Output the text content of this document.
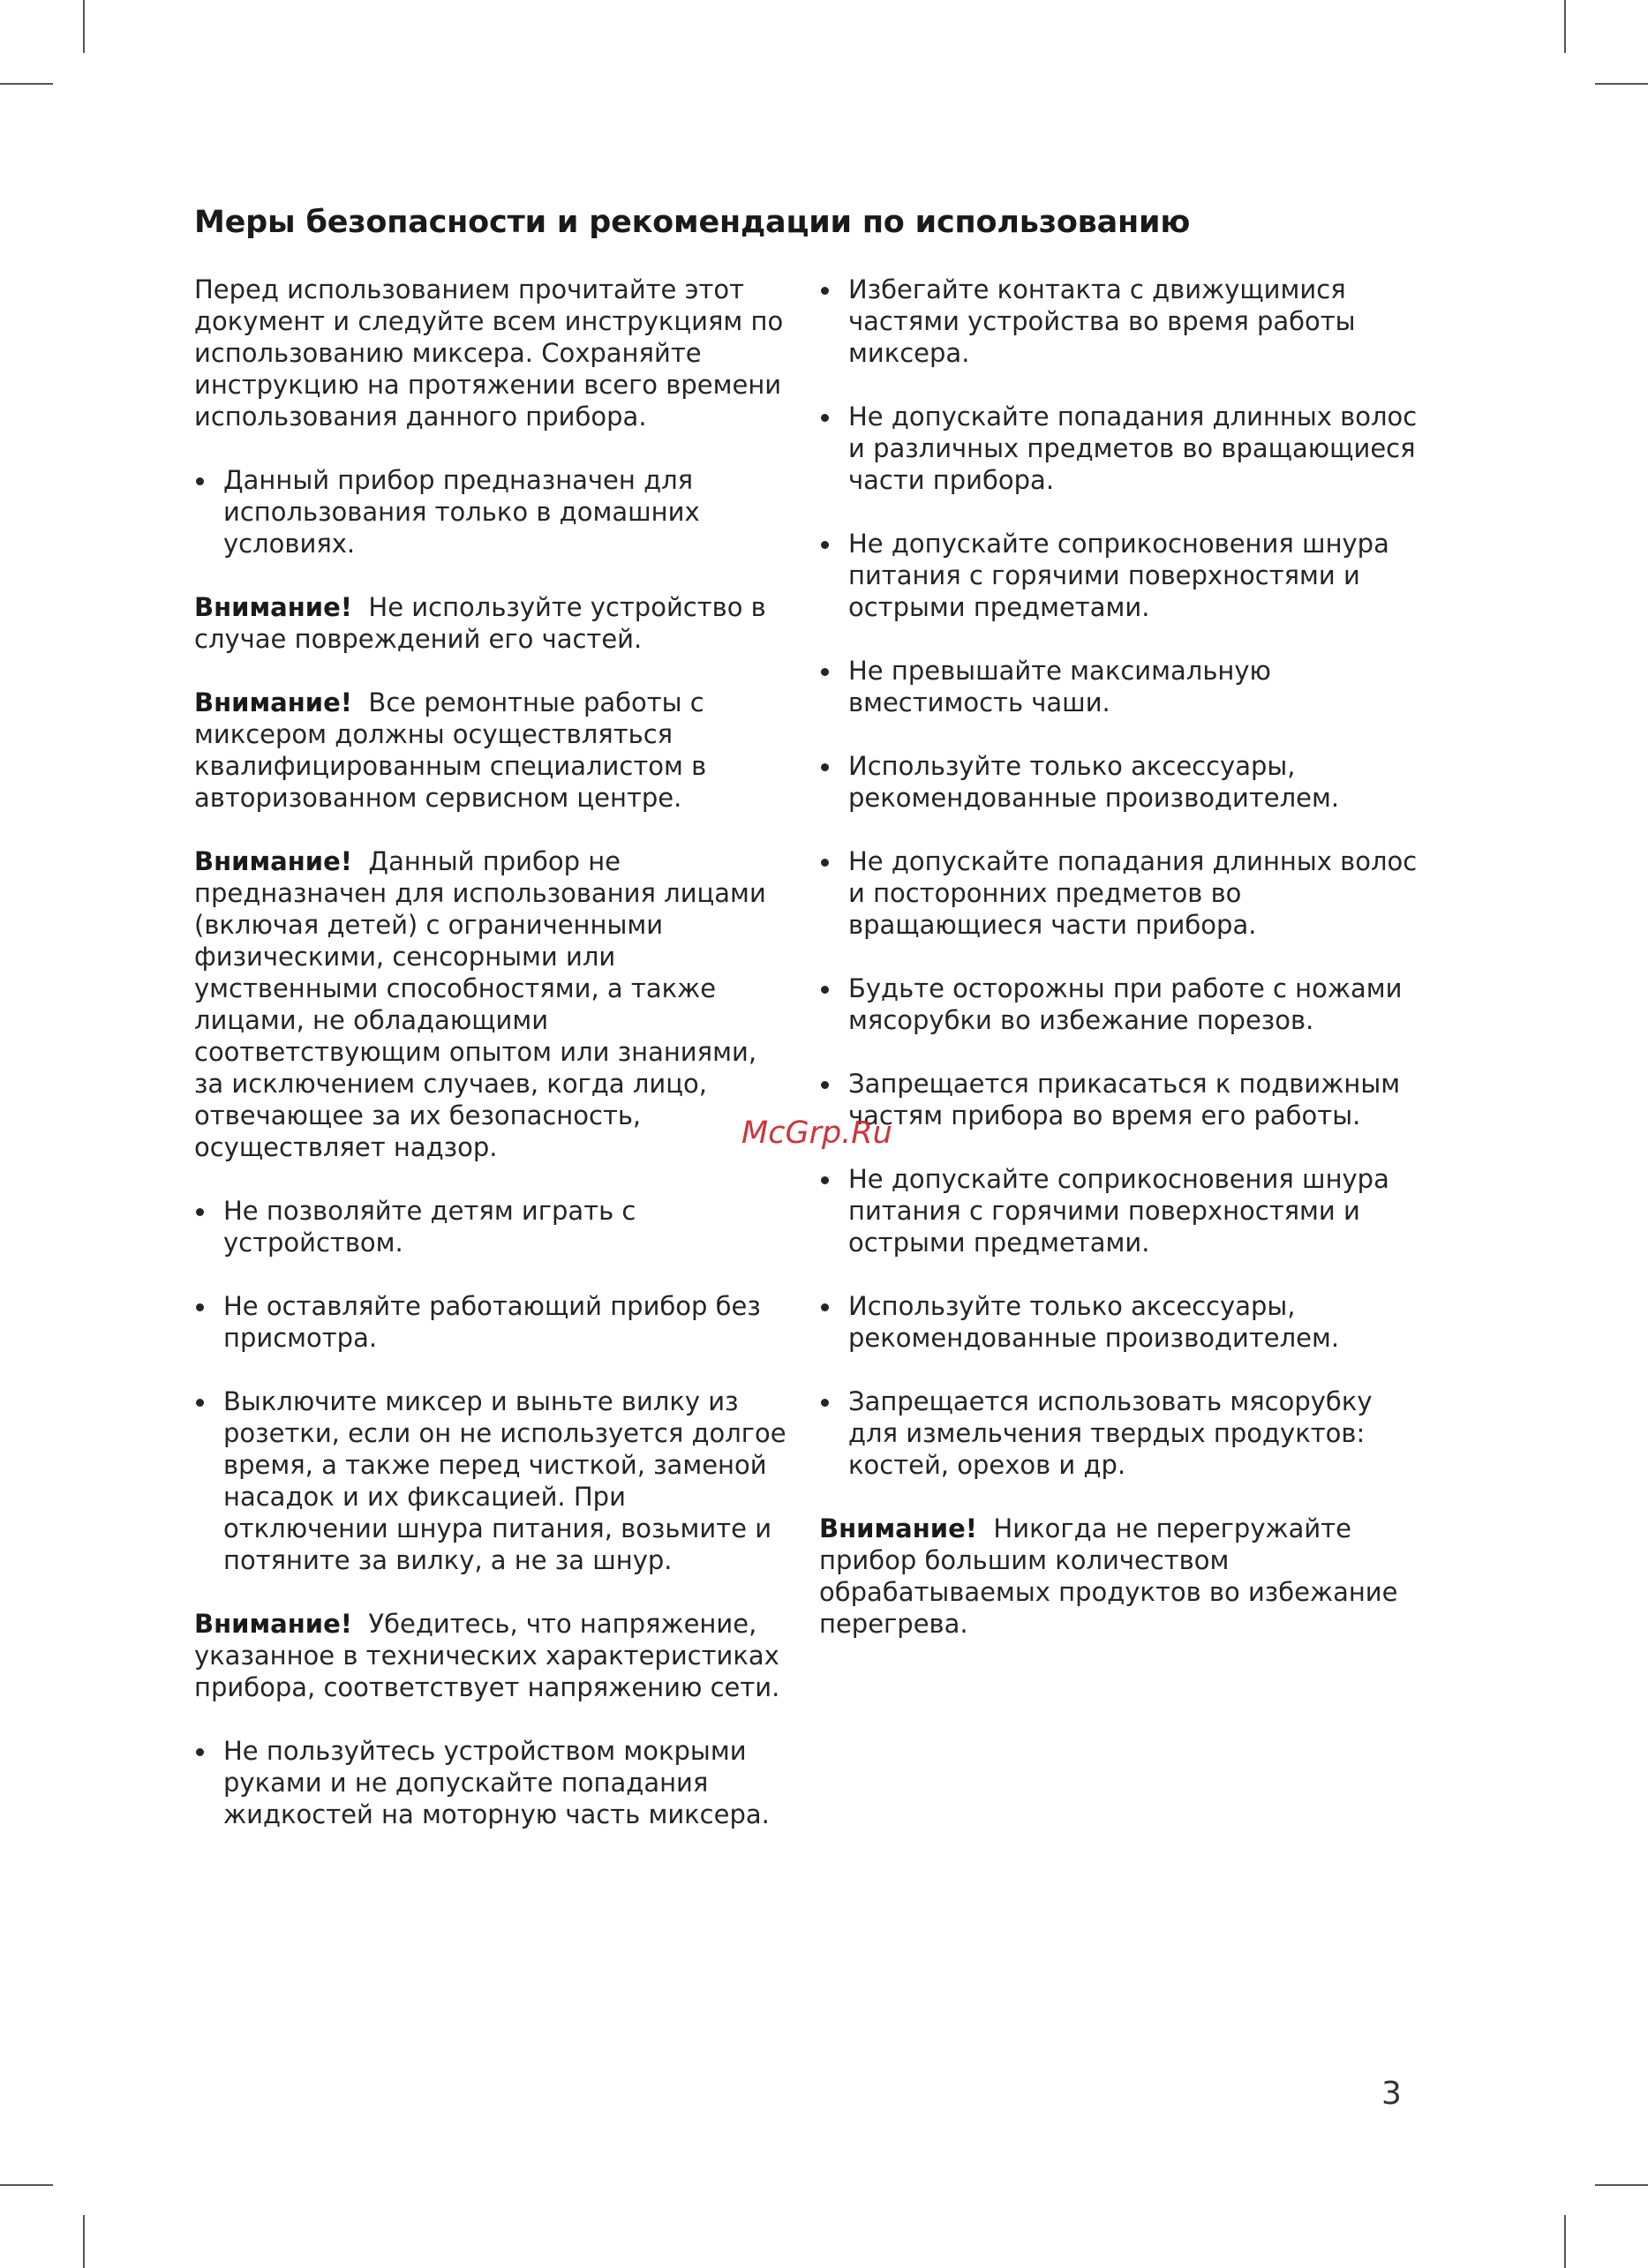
Меры безопасности и рекомендации по использованию

Перед использованием прочитайте этот документ и следуйте всем инструкциям по использованию миксера. Сохраняйте инструкцию на протяжении всего времени использования данного прибора.

Данный прибор предназначен для использования только в домашних условиях.

Внимание! Не используйте устройство в случае повреждений его частей.

Внимание! Все ремонтные работы с миксером должны осуществляться квалифицированным специалистом в авторизованном сервисном центре.

Внимание! Данный прибор не предназначен для использования лицами (включая детей) с ограниченными физическими, сенсорными или умственными способностями, а также лицами, не обладающими соответствующим опытом или знаниями, за исключением случаев, когда лицо, отвечающее за их безопасность, осуществляет надзор.

Не позволяйте детям играть с устройством.
Не оставляйте работающий прибор без присмотра.
Выключите миксер и выньте вилку из розетки, если он не используется долгое время, а также перед чисткой, заменой насадок и их фиксацией. При отключении шнура питания, возьмите и потяните за вилку, а не за шнур.

Внимание! Убедитесь, что напряжение, указанное в технических характеристиках прибора, соответствует напряжению сети.

Не пользуйтесь устройством мокрыми руками и не допускайте попадания жидкостей на моторную часть миксера.
Избегайте контакта с движущимися частями устройства во время работы миксера.
Не допускайте попадания длинных волос и различных предметов во вращающиеся части прибора.
Не допускайте соприкосновения шнура питания с горячими поверхностями и острыми предметами.
Не превышайте максимальную вместимость чаши.
Используйте только аксессуары, рекомендованные производителем.
Не допускайте попадания длинных волос и посторонних предметов во вращающиеся части прибора.
Будьте осторожны при работе с ножами мясорубки во избежание порезов.
Запрещается прикасаться к подвижным частям прибора во время его работы.
Не допускайте соприкосновения шнура питания с горячими поверхностями и острыми предметами.
Используйте только аксессуары, рекомендованные производителем.
Запрещается использовать мясорубку для измельчения твердых продуктов: костей, орехов и др.

Внимание! Никогда не перегружайте прибор большим количеством обрабатываемых продуктов во избежание перегрева.

McGrp.Ru
3
